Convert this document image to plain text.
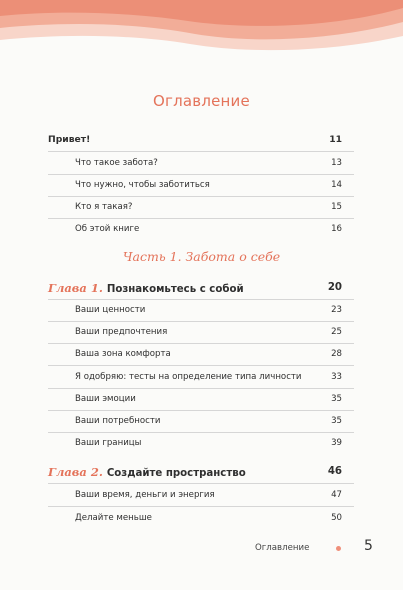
Оглавление
Привет!	11
Что такое забота?	13
Что нужно, чтобы заботиться	14
Кто я такая?	15
Об этой книге	16
Часть 1. Забота о себе
Глава 1. Познакомьтесь с собой	20
Ваши ценности	23
Ваши предпочтения	25
Ваша зона комфорта	28
Я одобряю: тесты на определение типа личности	33
Ваши эмоции	35
Ваши потребности	35
Ваши границы	39
Глава 2. Создайте пространство	46
Ваши время, деньги и энергия	47
Делайте меньше	50
Оглавление	5
